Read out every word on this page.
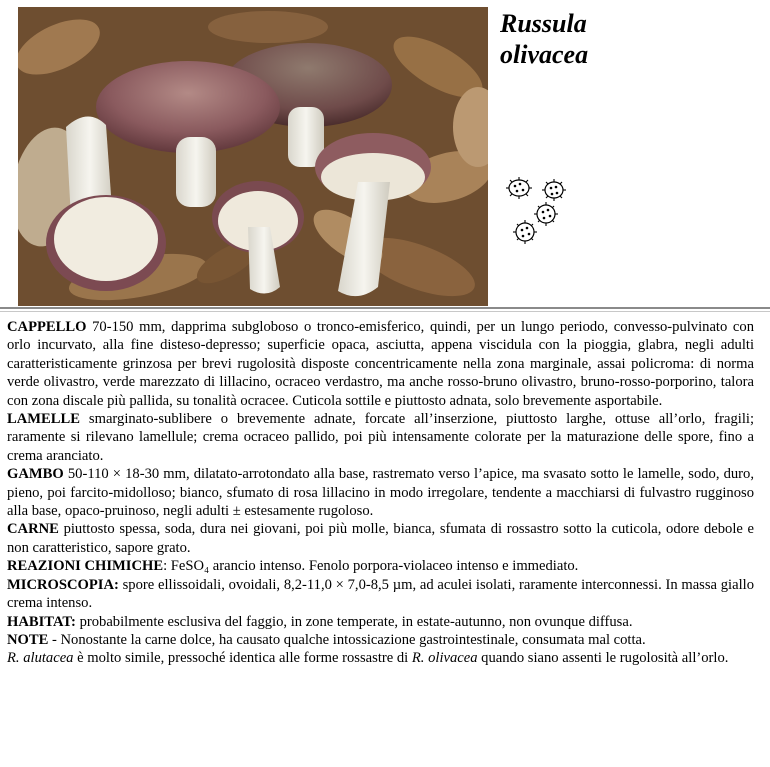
Russula
olivacea

CAPPELLO 70-150 mm, dapprima subgloboso o tronco-emisferico, quindi, per un lungo periodo, convesso-pulvinato con orlo incurvato, alla fine disteso-depresso; superficie opaca, asciutta, appena viscidula con la pioggia, glabra, negli adulti caratteristicamente grinzosa per brevi rugolosità disposte concentricamente nella zona marginale, assai policroma: di norma verde olivastro, verde marezzato di lillacino, ocraceo verdastro, ma anche rosso-bruno olivastro, bruno-rosso-porporino, talora con zona discale più pallida, su tonalità ocracee. Cuticola sottile e piuttosto adnata, solo brevemente asportabile.

LAMELLE smarginato-sublibere o brevemente adnate, forcate all’inserzione, piuttosto larghe, ottuse all’orlo, fragili; raramente si rilevano lamellule; crema ocraceo pallido, poi più intensamente colorate per la maturazione delle spore, fino a crema aranciato.

GAMBO 50-110 × 18-30 mm, dilatato-arrotondato alla base, rastremato verso l’apice, ma svasato sotto le lamelle, sodo, duro, pieno, poi farcito-midolloso; bianco, sfumato di rosa lillacino in modo irregolare, tendente a macchiarsi di fulvastro rugginoso alla base, opaco-pruinoso, negli adulti ± estesamente rugoloso.

CARNE piuttosto spessa, soda, dura nei giovani, poi più molle, bianca, sfumata di rossastro sotto la cuticola, odore debole e non caratteristico, sapore grato.

REAZIONI CHIMICHE: FeSO₄ arancio intenso. Fenolo porpora-violaceo intenso e immediato.

MICROSCOPIA: spore ellissoidali, ovoidali, 8,2-11,0 × 7,0-8,5 µm, ad aculei isolati, raramente interconnessi. In massa giallo crema intenso.

HABITAT: probabilmente esclusiva del faggio, in zone temperate, in estate-autunno, non ovunque diffusa.

NOTE - Nonostante la carne dolce, ha causato qualche intossicazione gastrointestinale, consumata mal cotta.

R. alutacea è molto simile, pressoché identica alle forme rossastre di R. olivacea quando siano assenti le rugolosità all’orlo.
